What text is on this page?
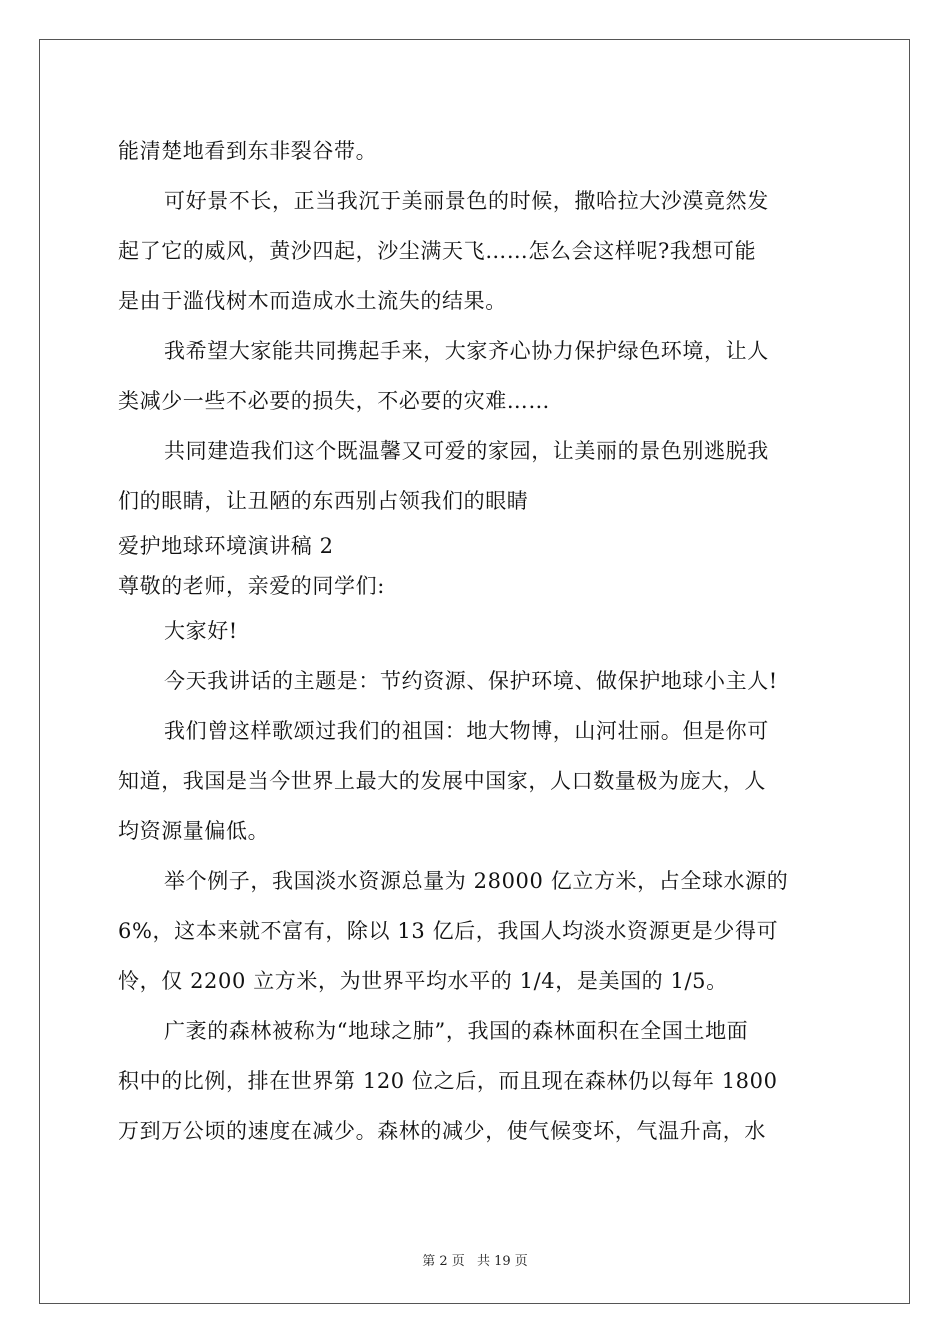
能清楚地看到东非裂谷带。
可好景不长，正当我沉于美丽景色的时候，撒哈拉大沙漠竟然发
起了它的威风，黄沙四起，沙尘满天飞……怎么会这样呢?我想可能
是由于滥伐树木而造成水土流失的结果。
我希望大家能共同携起手来，大家齐心协力保护绿色环境，让人
类减少一些不必要的损失，不必要的灾难……
共同建造我们这个既温馨又可爱的家园，让美丽的景色别逃脱我
们的眼睛，让丑陋的东西别占领我们的眼睛
爱护地球环境演讲稿 2
尊敬的老师，亲爱的同学们:
大家好!
今天我讲话的主题是：节约资源、保护环境、做保护地球小主人!
我们曾这样歌颂过我们的祖国：地大物博，山河壮丽。但是你可
知道，我国是当今世界上最大的发展中国家，人口数量极为庞大，人
均资源量偏低。
举个例子，我国淡水资源总量为 28000 亿立方米，占全球水源的
6%，这本来就不富有，除以 13 亿后，我国人均淡水资源更是少得可
怜，仅 2200 立方米，为世界平均水平的 1/4，是美国的 1/5。
广袤的森林被称为“地球之肺”，我国的森林面积在全国土地面
积中的比例，排在世界第 120 位之后，而且现在森林仍以每年 1800
万到万公顷的速度在减少。森林的减少，使气候变坏，气温升高，水
第 2 页 共 19 页
